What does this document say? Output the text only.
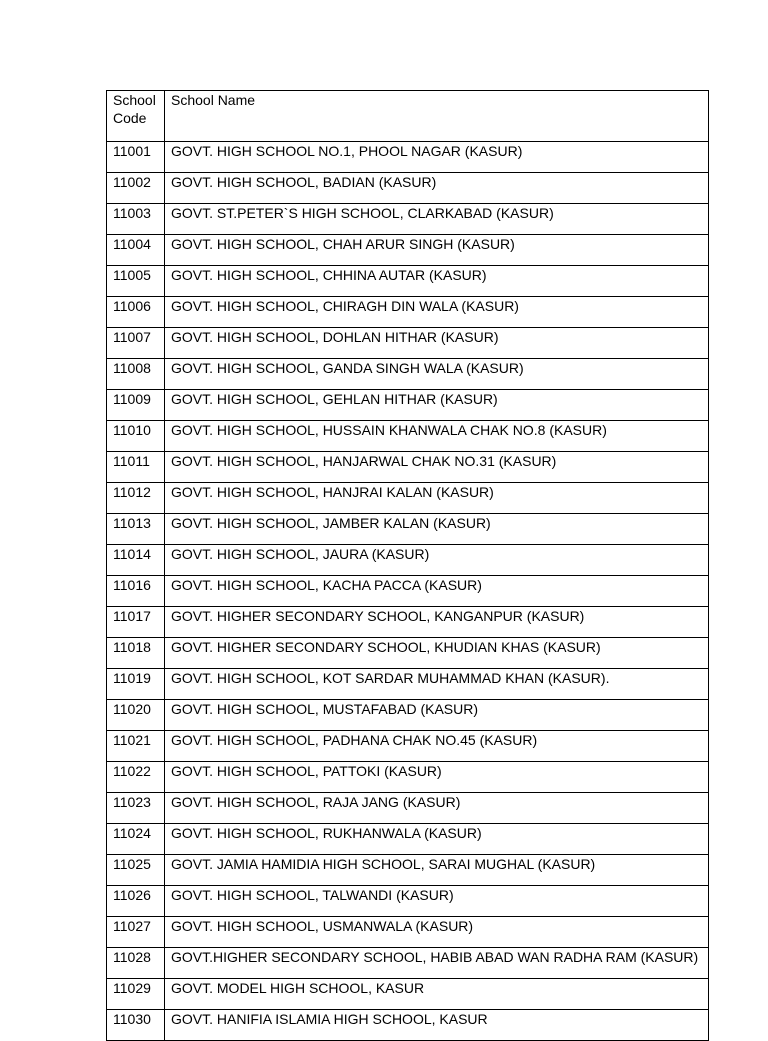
School
Code	School Name
11001	GOVT. HIGH SCHOOL NO.1, PHOOL NAGAR (KASUR)
11002	GOVT. HIGH SCHOOL, BADIAN (KASUR)
11003	GOVT. ST.PETER`S HIGH SCHOOL, CLARKABAD (KASUR)
11004	GOVT. HIGH SCHOOL, CHAH ARUR SINGH (KASUR)
11005	GOVT. HIGH SCHOOL, CHHINA AUTAR (KASUR)
11006	GOVT. HIGH SCHOOL, CHIRAGH DIN WALA (KASUR)
11007	GOVT. HIGH SCHOOL, DOHLAN HITHAR (KASUR)
11008	GOVT. HIGH SCHOOL, GANDA SINGH WALA (KASUR)
11009	GOVT. HIGH SCHOOL, GEHLAN HITHAR (KASUR)
11010	GOVT. HIGH SCHOOL, HUSSAIN KHANWALA CHAK NO.8 (KASUR)
11011	GOVT. HIGH SCHOOL, HANJARWAL CHAK NO.31 (KASUR)
11012	GOVT. HIGH SCHOOL, HANJRAI KALAN (KASUR)
11013	GOVT. HIGH SCHOOL, JAMBER KALAN (KASUR)
11014	GOVT. HIGH SCHOOL, JAURA (KASUR)
11016	GOVT. HIGH SCHOOL, KACHA PACCA (KASUR)
11017	GOVT. HIGHER SECONDARY SCHOOL, KANGANPUR (KASUR)
11018	GOVT. HIGHER SECONDARY SCHOOL, KHUDIAN KHAS (KASUR)
11019	GOVT. HIGH SCHOOL, KOT SARDAR MUHAMMAD KHAN (KASUR).
11020	GOVT. HIGH SCHOOL, MUSTAFABAD (KASUR)
11021	GOVT. HIGH SCHOOL, PADHANA CHAK NO.45 (KASUR)
11022	GOVT. HIGH SCHOOL, PATTOKI (KASUR)
11023	GOVT. HIGH SCHOOL, RAJA JANG (KASUR)
11024	GOVT. HIGH SCHOOL, RUKHANWALA (KASUR)
11025	GOVT. JAMIA HAMIDIA HIGH SCHOOL, SARAI MUGHAL (KASUR)
11026	GOVT. HIGH SCHOOL, TALWANDI (KASUR)
11027	GOVT. HIGH SCHOOL, USMANWALA (KASUR)
11028	GOVT.HIGHER SECONDARY SCHOOL, HABIB ABAD WAN RADHA RAM (KASUR)
11029	GOVT. MODEL HIGH SCHOOL, KASUR
11030	GOVT. HANIFIA ISLAMIA HIGH SCHOOL, KASUR
